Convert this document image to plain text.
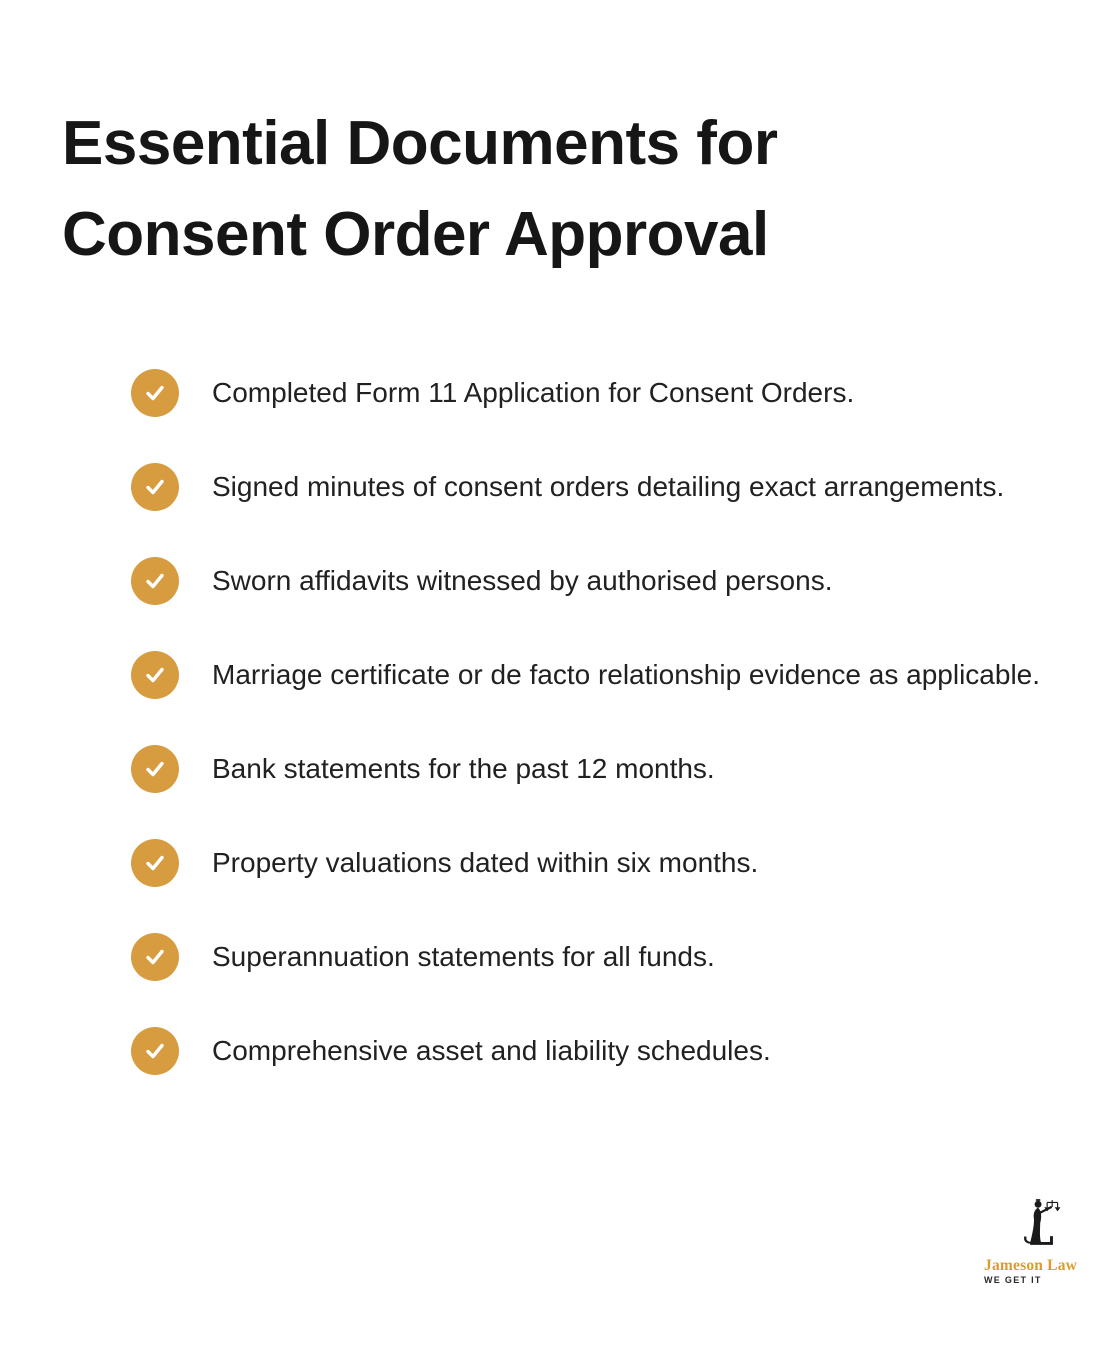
Essential Documents for Consent Order Approval
Completed Form 11 Application for Consent Orders.
Signed minutes of consent orders detailing exact arrangements.
Sworn affidavits witnessed by authorised persons.
Marriage certificate or de facto relationship evidence as applicable.
Bank statements for the past 12 months.
Property valuations dated within six months.
Superannuation statements for all funds.
Comprehensive asset and liability schedules.
Jameson Law
WE GET IT
